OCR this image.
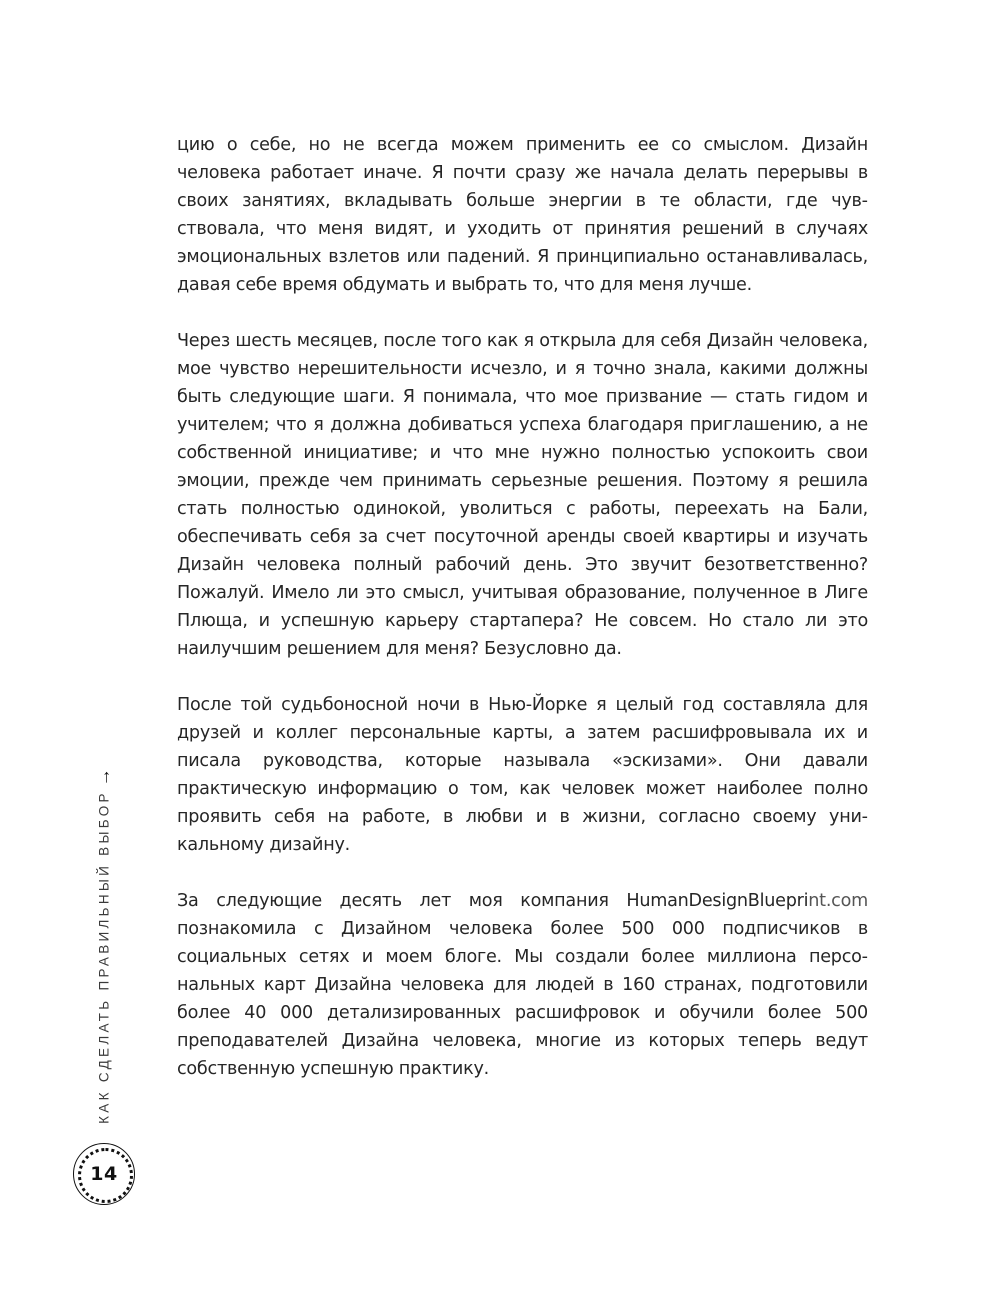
цию о себе, но не всегда можем применить ее со смыслом. Дизайн человека работает иначе. Я почти сразу же начала делать перерывы в своих занятиях, вкладывать больше энергии в те области, где чувствовала, что меня видят, и уходить от принятия решений в случаях эмоциональных взлетов или падений. Я принципиально останавливалась, давая себе время обдумать и выбрать то, что для меня лучше.

Через шесть месяцев, после того как я открыла для себя Дизайн человека, мое чувство нерешительности исчезло, и я точно знала, какими должны быть следующие шаги. Я понимала, что мое призвание — стать гидом и учителем; что я должна добиваться успеха благодаря приглашению, а не собственной инициативе; и что мне нужно полностью успокоить свои эмоции, прежде чем принимать серьезные решения. Поэтому я решила стать полностью одинокой, уволиться с работы, переехать на Бали, обеспечивать себя за счет посуточной аренды своей квартиры и изучать Дизайн человека полный рабочий день. Это звучит безответственно? Пожалуй. Имело ли это смысл, учитывая образование, полученное в Лиге Плюща, и успешную карьеру стартапера? Не совсем. Но стало ли это наилучшим решением для меня? Безусловно да.

После той судьбоносной ночи в Нью-Йорке я целый год составляла для друзей и коллег персональные карты, а затем расшифровывала их и писала руководства, которые называла «эскизами». Они давали практическую информацию о том, как человек может наиболее полно проявить себя на работе, в любви и в жизни, согласно своему уникальному дизайну.

За следующие десять лет моя компания HumanDesignBlueprint.com познакомила с Дизайном человека более 500 000 подписчиков в социальных сетях и моем блоге. Мы создали более миллиона персональных карт Дизайна человека для людей в 160 странах, подготовили более 40 000 детализированных расшифровок и обучили более 500 преподавателей Дизайна человека, многие из которых теперь ведут собственную успешную практику.

КАК СДЕЛАТЬ ПРАВИЛЬНЫЙ ВЫБОР
→
14
